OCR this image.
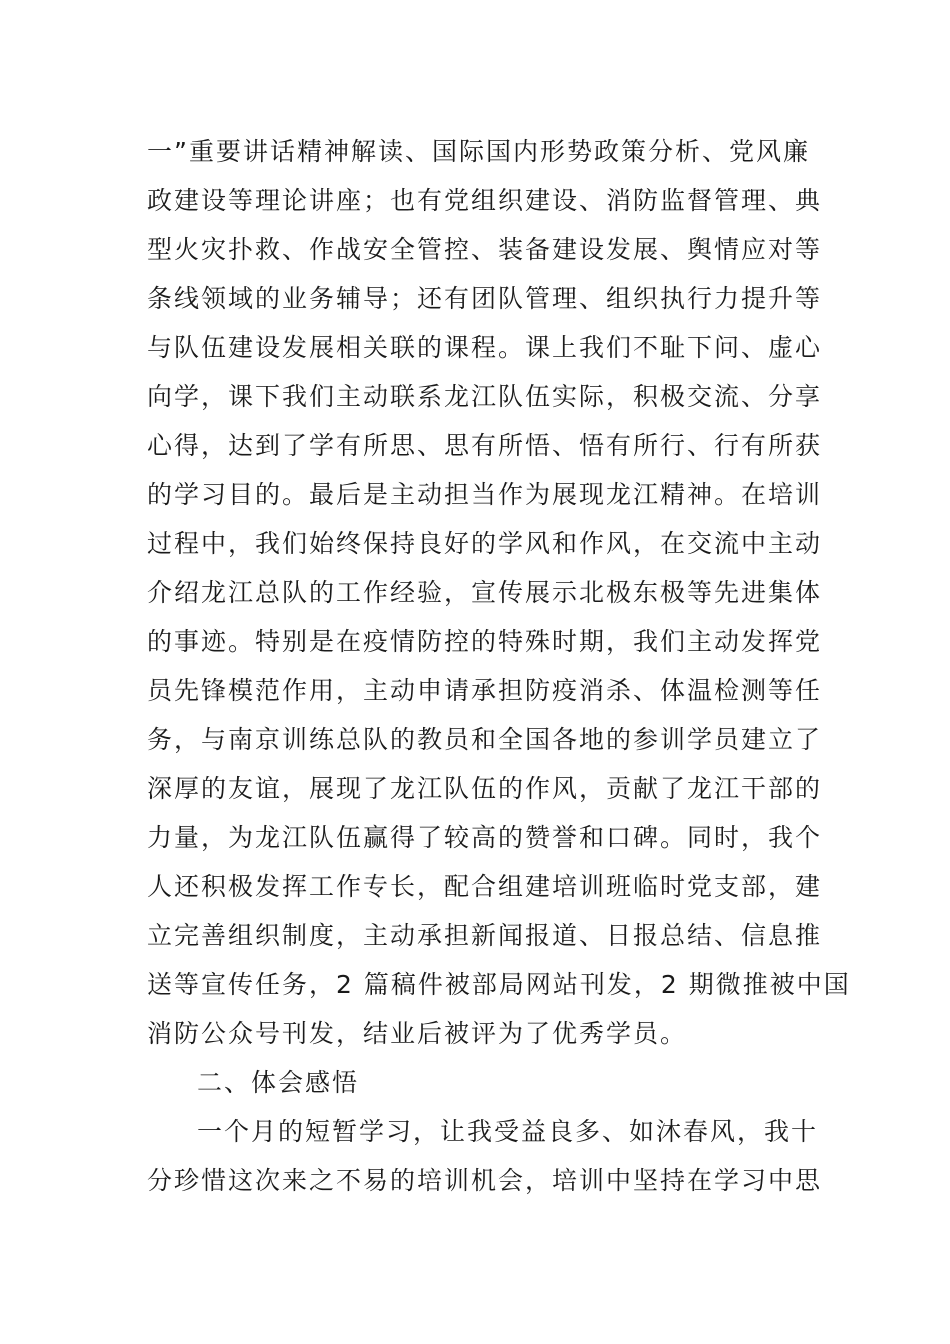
一”重要讲话精神解读、国际国内形势政策分析、党风廉
政建设等理论讲座；也有党组织建设、消防监督管理、典
型火灾扑救、作战安全管控、装备建设发展、舆情应对等
条线领域的业务辅导；还有团队管理、组织执行力提升等
与队伍建设发展相关联的课程。课上我们不耻下问、虚心
向学，课下我们主动联系龙江队伍实际，积极交流、分享
心得，达到了学有所思、思有所悟、悟有所行、行有所获
的学习目的。最后是主动担当作为展现龙江精神。在培训
过程中，我们始终保持良好的学风和作风，在交流中主动
介绍龙江总队的工作经验，宣传展示北极东极等先进集体
的事迹。特别是在疫情防控的特殊时期，我们主动发挥党
员先锋模范作用，主动申请承担防疫消杀、体温检测等任
务，与南京训练总队的教员和全国各地的参训学员建立了
深厚的友谊，展现了龙江队伍的作风，贡献了龙江干部的
力量，为龙江队伍赢得了较高的赞誉和口碑。同时，我个
人还积极发挥工作专长，配合组建培训班临时党支部，建
立完善组织制度，主动承担新闻报道、日报总结、信息推
送等宣传任务，2 篇稿件被部局网站刊发，2 期微推被中国
消防公众号刊发，结业后被评为了优秀学员。
二、体会感悟
一个月的短暂学习，让我受益良多、如沐春风，我十
分珍惜这次来之不易的培训机会，培训中坚持在学习中思
